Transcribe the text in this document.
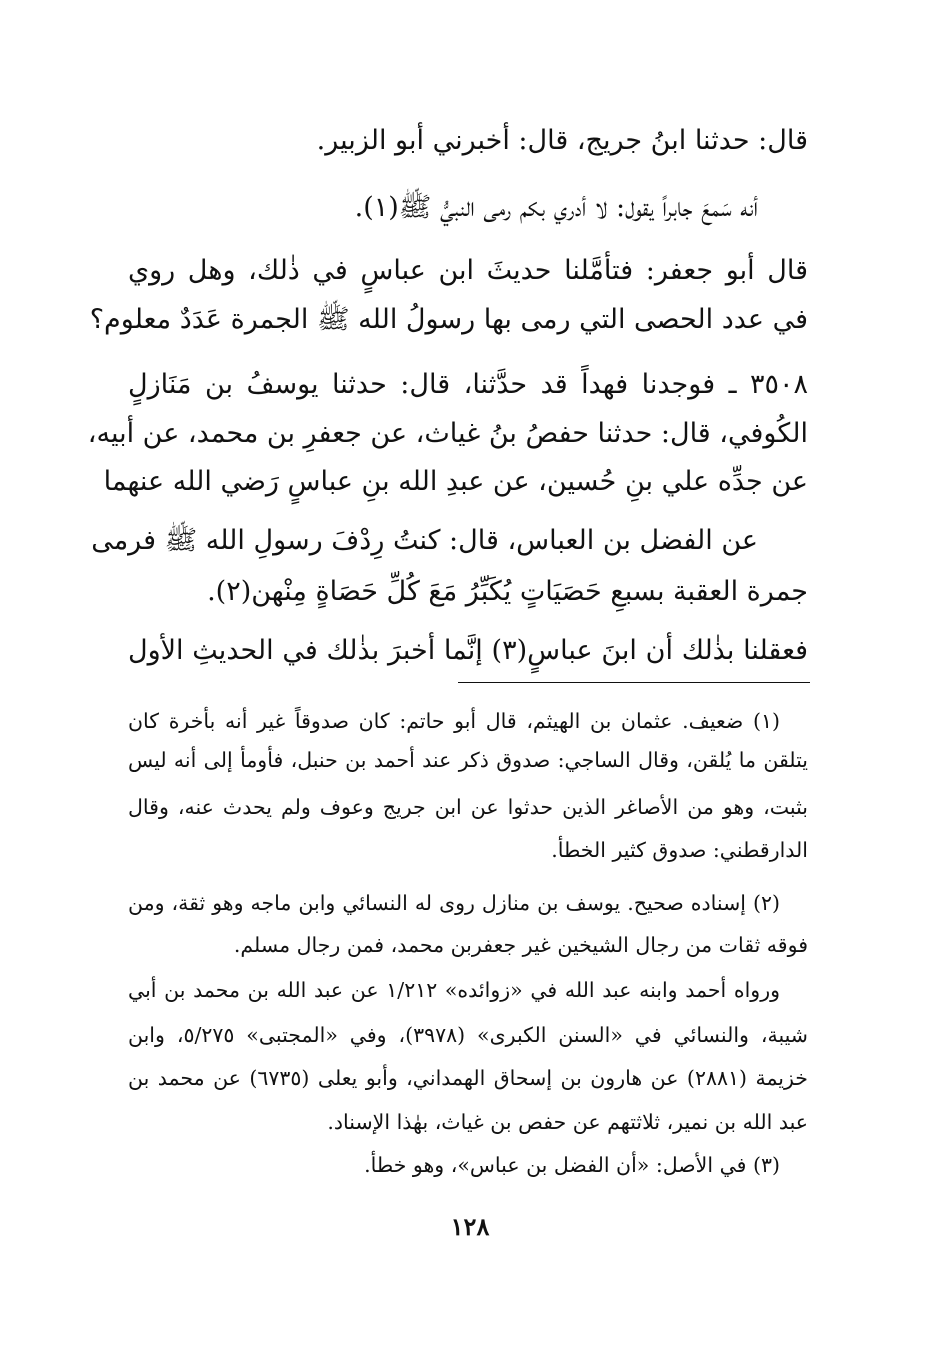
قال: حدثنا ابنُ جريج، قال: أخبرني أبو الزبير.
أنه سَمعَ جابراً يقول: لا أدري بكم رمى النبيُّ ﷺ(١).
قال أبو جعفر: فتأمَّلنا حديثَ ابن عباسٍ في ذٰلك، وهل روي
في عدد الحصى التي رمى بها رسولُ الله ﷺ الجمرة عَدَدٌ معلوم؟
٣٥٠٨ ـ فوجدنا فهداً قد حدَّثنا، قال: حدثنا يوسفُ بن مَنَازلٍ
الكُوفي، قال: حدثنا حفصُ بنُ غياث، عن جعفرِ بن محمد، عن أبيه،
عن جدِّه علي بنِ حُسين، عن عبدِ الله بنِ عباسٍ رَضي الله عنهما
عن الفضل بن العباس، قال: كنتُ رِدْفَ رسولِ الله ﷺ فرمى
جمرة العقبة بسبعِ حَصَيَاتٍ يُكَبِّرُ مَعَ كُلِّ حَصَاةٍ مِنْهن(٢).
فعقلنا بذٰلك أن ابنَ عباسٍ(٣) إنَّما أخبرَ بذٰلك في الحديثِ الأول
(١) ضعيف. عثمان بن الهيثم، قال أبو حاتم: كان صدوقاً غير أنه بأخرة كان
يتلقن ما يُلقن، وقال الساجي: صدوق ذكر عند أحمد بن حنبل، فأومأ إلى أنه ليس
بثبت، وهو من الأصاغر الذين حدثوا عن ابن جريج وعوف ولم يحدث عنه، وقال
الدارقطني: صدوق كثير الخطأ.
(٢) إسناده صحيح. يوسف بن منازل روى له النسائي وابن ماجه وهو ثقة، ومن
فوقه ثقات من رجال الشيخين غير جعفربن محمد، فمن رجال مسلم.
ورواه أحمد وابنه عبد الله في «زوائده» ١/٢١٢ عن عبد الله بن محمد بن أبي
شيبة، والنسائي في «السنن الكبرى» (٣٩٧٨)، وفي «المجتبى» ٥/٢٧٥، وابن
خزيمة (٢٨٨١) عن هارون بن إسحاق الهمداني، وأبو يعلى (٦٧٣٥) عن محمد بن
عبد الله بن نمير، ثلاثتهم عن حفص بن غياث، بهٰذا الإسناد.
(٣) في الأصل: «أن الفضل بن عباس»، وهو خطأ.
١٢٨
